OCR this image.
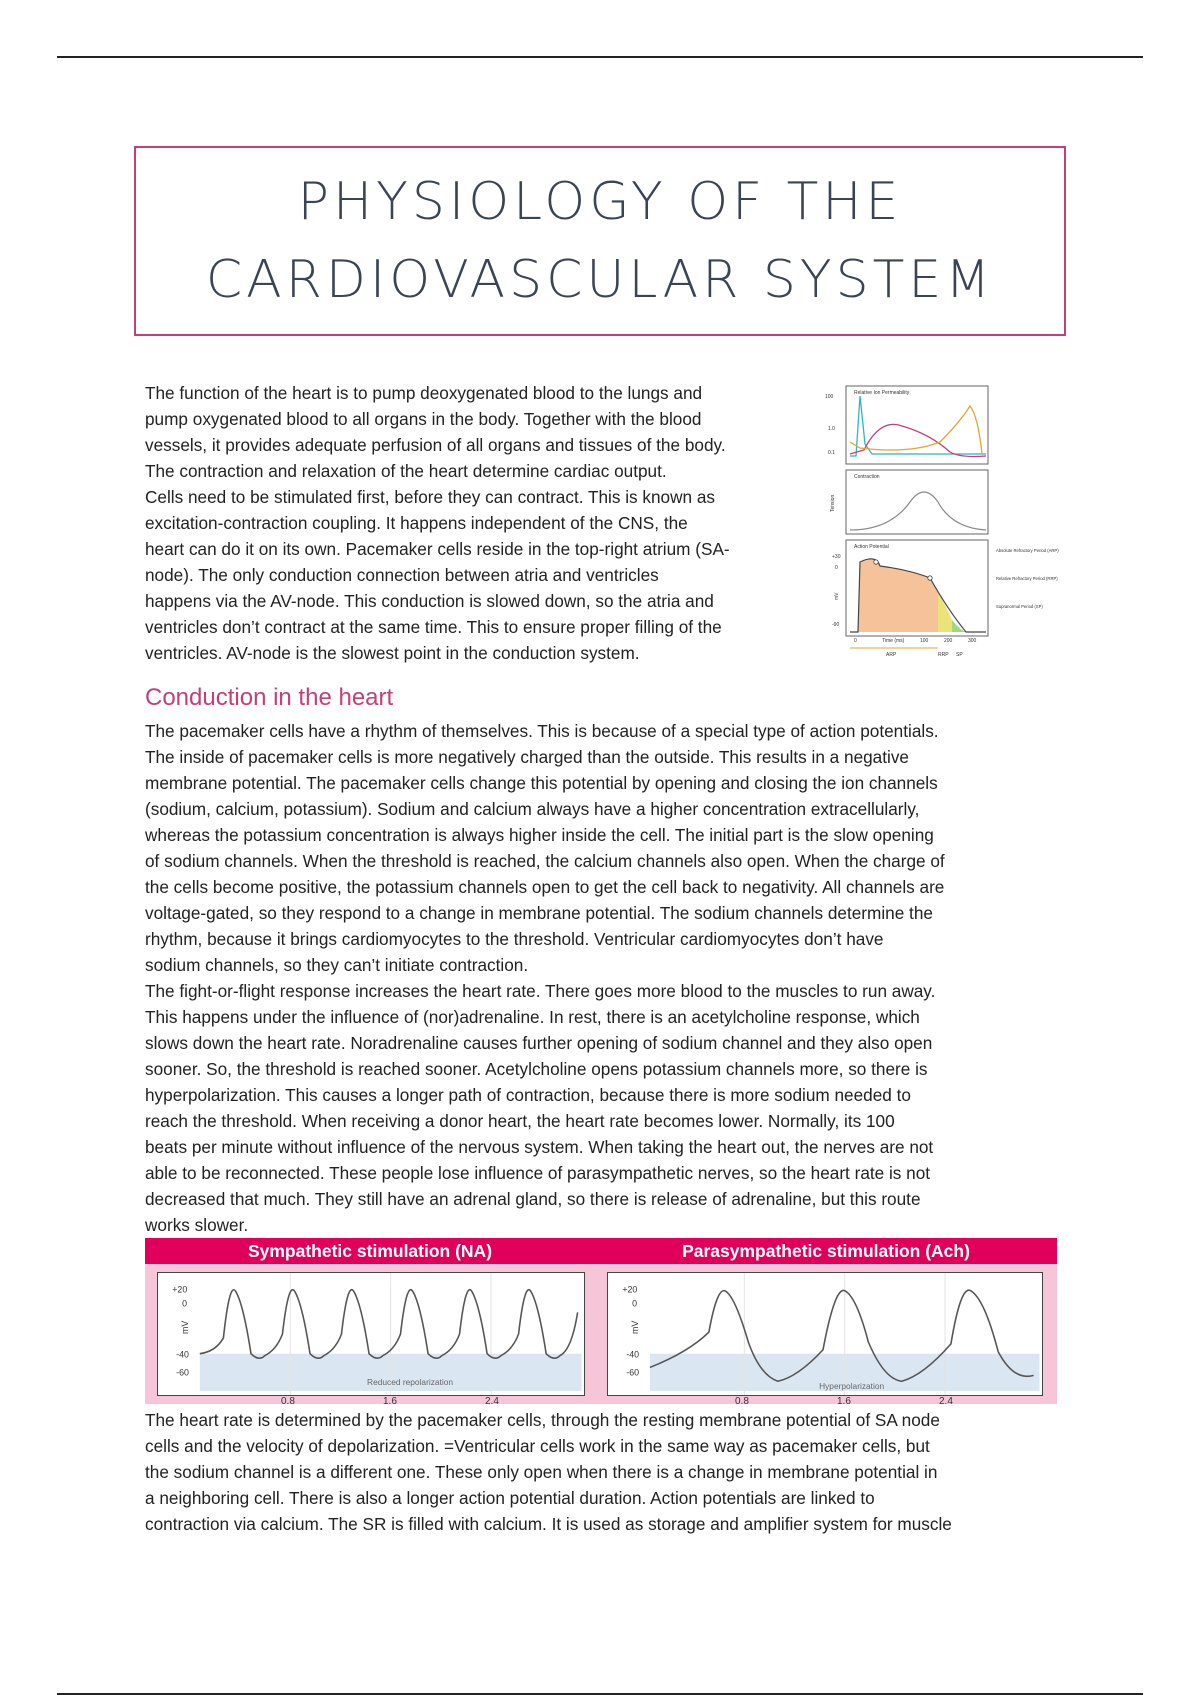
PHYSIOLOGY OF THE
CARDIOVASCULAR SYSTEM

The function of the heart is to pump deoxygenated blood to the lungs and

pump oxygenated blood to all organs in the body. Together with the blood

vessels, it provides adequate perfusion of all organs and tissues of the body.

The contraction and relaxation of the heart determine cardiac output.

Cells need to be stimulated first, before they can contract. This is known as

excitation-contraction coupling. It happens independent of the CNS, the

heart can do it on its own. Pacemaker cells reside in the top-right atrium (SA-

node). The only conduction connection between atria and ventricles

happens via the AV-node. This conduction is slowed down, so the atria and

ventricles don’t contract at the same time. This to ensure proper filling of the

ventricles. AV-node is the slowest point in the conduction system.

Relative Ion Permeability
100
1.0
0.1
Contraction
Tension
Action Potential
+30
0
-90
mV
0	Time (ms)	100	200	300
ARP	RRP SP
Absolute Refractory Period (ARP)
Relative Refractory Period (RRP)
Supranormal Period (SP)
Conduction in the heart

The pacemaker cells have a rhythm of themselves. This is because of a special type of action potentials.

The inside of pacemaker cells is more negatively charged than the outside. This results in a negative

membrane potential. The pacemaker cells change this potential by opening and closing the ion channels

(sodium, calcium, potassium). Sodium and calcium always have a higher concentration extracellularly,

whereas the potassium concentration is always higher inside the cell. The initial part is the slow opening

of sodium channels. When the threshold is reached, the calcium channels also open. When the charge of

the cells become positive, the potassium channels open to get the cell back to negativity. All channels are

voltage-gated, so they respond to a change in membrane potential. The sodium channels determine the

rhythm, because it brings cardiomyocytes to the threshold. Ventricular cardiomyocytes don’t have

sodium channels, so they can’t initiate contraction.

The fight-or-flight response increases the heart rate. There goes more blood to the muscles to run away.

This happens under the influence of (nor)adrenaline. In rest, there is an acetylcholine response, which

slows down the heart rate. Noradrenaline causes further opening of sodium channel and they also open

sooner. So, the threshold is reached sooner. Acetylcholine opens potassium channels more, so there is

hyperpolarization. This causes a longer path of contraction, because there is more sodium needed to

reach the threshold. When receiving a donor heart, the heart rate becomes lower. Normally, its 100

beats per minute without influence of the nervous system. When taking the heart out, the nerves are not

able to be reconnected. These people lose influence of parasympathetic nerves, so the heart rate is not

decreased that much. They still have an adrenal gland, so there is release of adrenaline, but this route

works slower.

Sympathetic stimulation (NA)	Parasympathetic stimulation (Ach)
Reduced repolarization
+20
0
-40
-60
mV
Hyperpolarization
+20
0
-40
-60
mV
0.8	1.6	2.4	0.8	1.6	2.4

The heart rate is determined by the pacemaker cells, through the resting membrane potential of SA node

cells and the velocity of depolarization. =Ventricular cells work in the same way as pacemaker cells, but

the sodium channel is a different one. These only open when there is a change in membrane potential in

a neighboring cell. There is also a longer action potential duration. Action potentials are linked to

contraction via calcium. The SR is filled with calcium. It is used as storage and amplifier system for muscle
